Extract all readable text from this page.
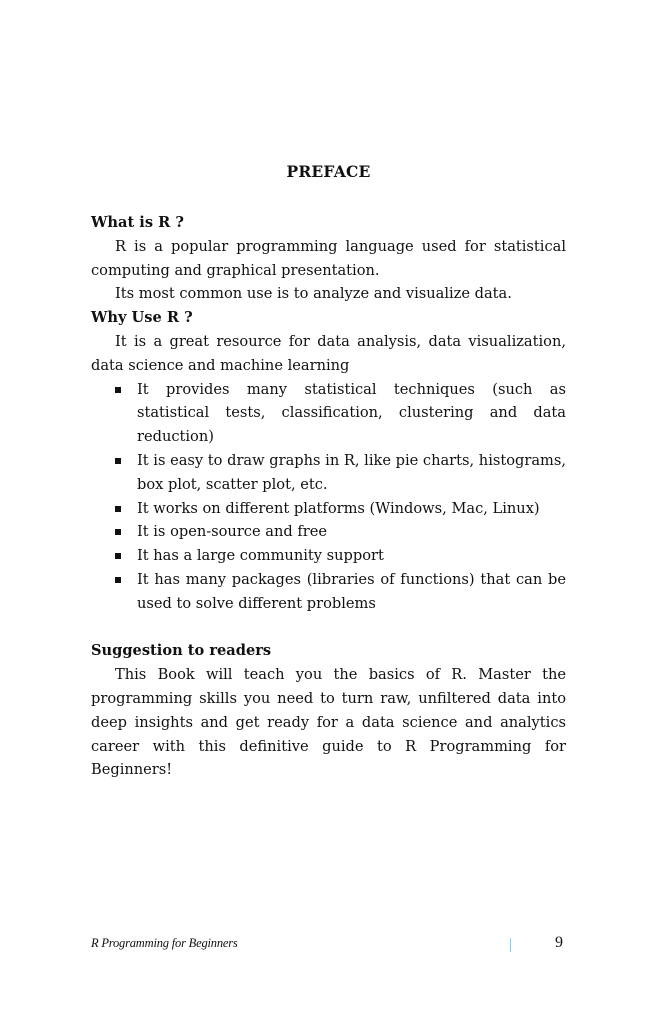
PREFACE

What is R ?

R is a popular programming language used for statistical computing and graphical presentation.

Its most common use is to analyze and visualize data.

Why Use R ?

It is a great resource for data analysis, data visualization, data science and machine learning

It provides many statistical techniques (such as statistical tests, classification, clustering and data reduction)
It is easy to draw graphs in R, like pie charts, histograms, box plot, scatter plot, etc.
It works on different platforms (Windows, Mac, Linux)
It is open-source and free
It has a large community support
It has many packages (libraries of functions) that can be used to solve different problems

Suggestion to readers

This Book will teach you the basics of R. Master the programming skills you need to turn raw, unfiltered data into deep insights and get ready for a data science and analytics career with this definitive guide to R Programming for Beginners!

R Programming for Beginners	9
